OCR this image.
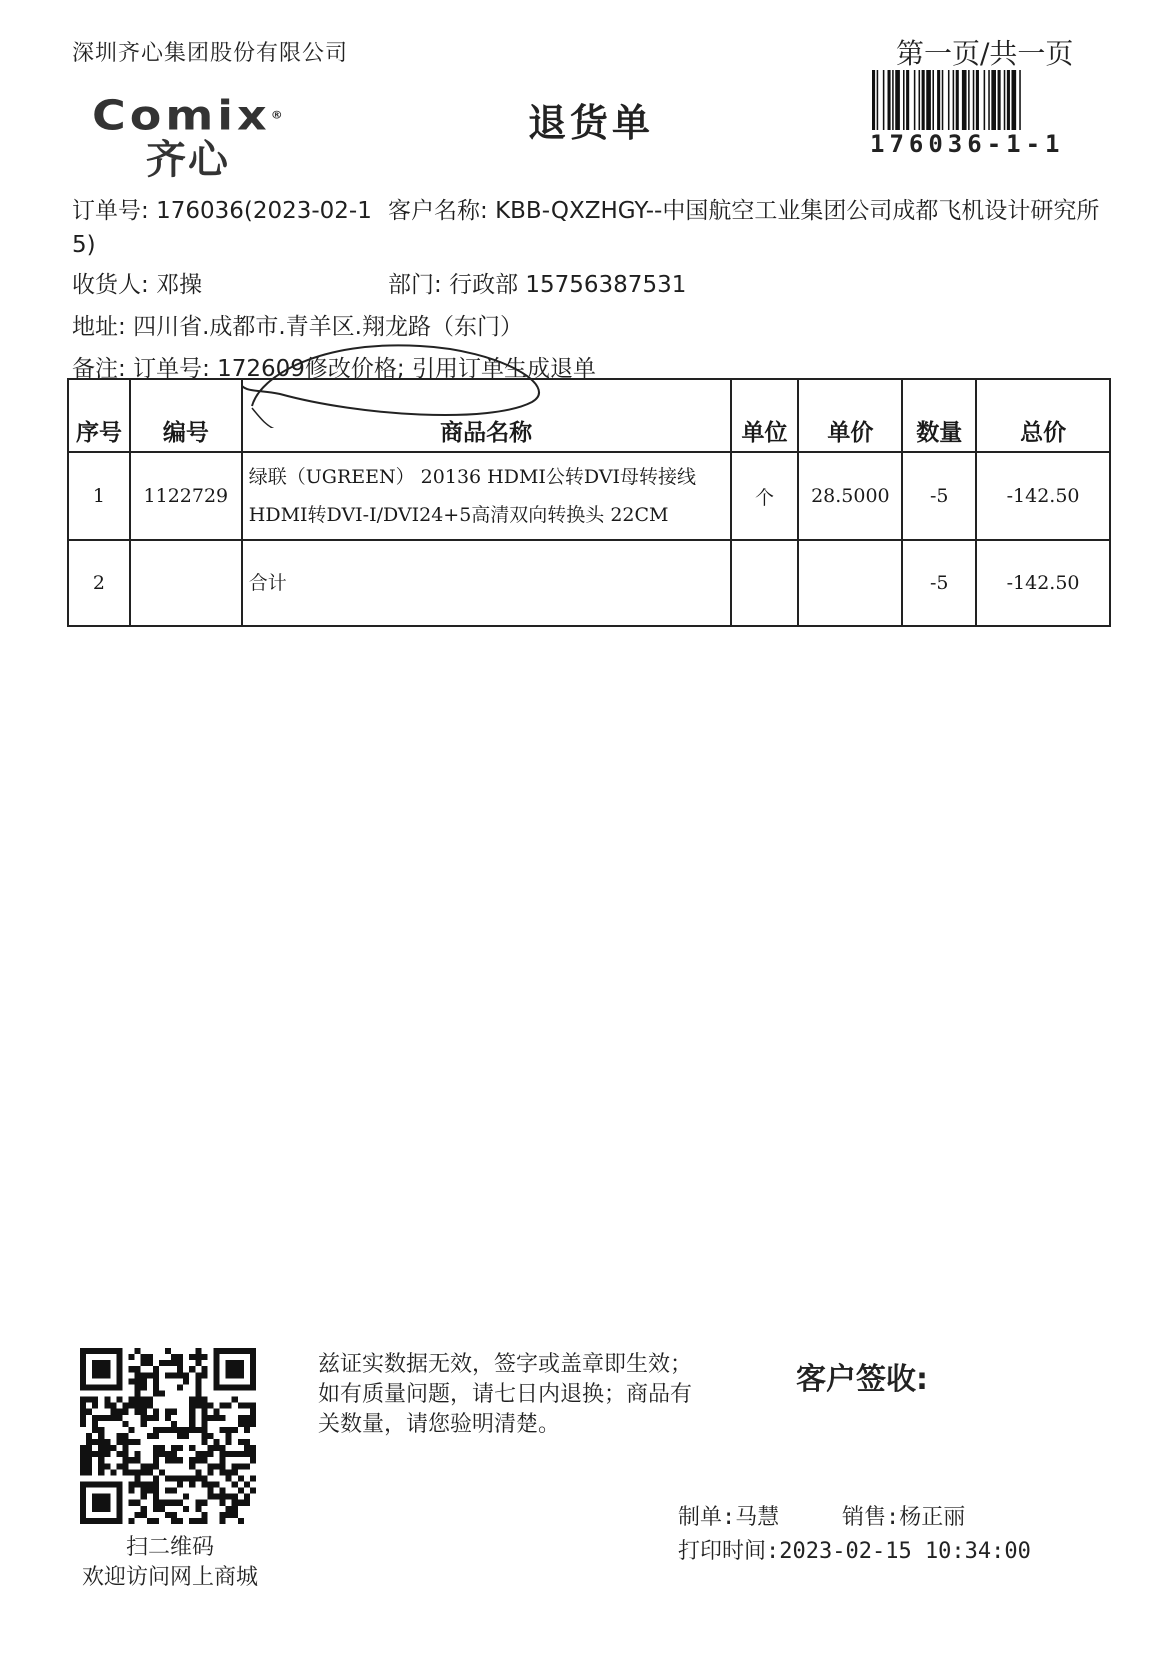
深圳齐心集团股份有限公司
Comix®
齐心
退货单
第一页/共一页
176036-1-1
订单号: 176036(2023-02-15)
客户名称: KBB-QXZHGY--中国航空工业集团公司成都飞机设计研究所
收货人: 邓操	部门: 行政部 15756387531
地址: 四川省.成都市.青羊区.翔龙路（东门）
备注: 订单号: 172609修改价格; 引用订单生成退单
序号	编号	商品名称	单位	单价	数量	总价
1	1122729	绿联（UGREEN） 20136 HDMI公转DVI母转接线
HDMI转DVI-I/DVI24+5高清双向转换头 22CM	个	28.5000	-5	-142.50
2		合计			-5	-142.50
扫二维码
欢迎访问网上商城
兹证实数据无效，签字或盖章即生效；如有质量问题，请七日内退换；商品有关数量，请您验明清楚。
客户签收:
制单:马慧	销售:杨正丽
打印时间:2023-02-15 10:34:00
